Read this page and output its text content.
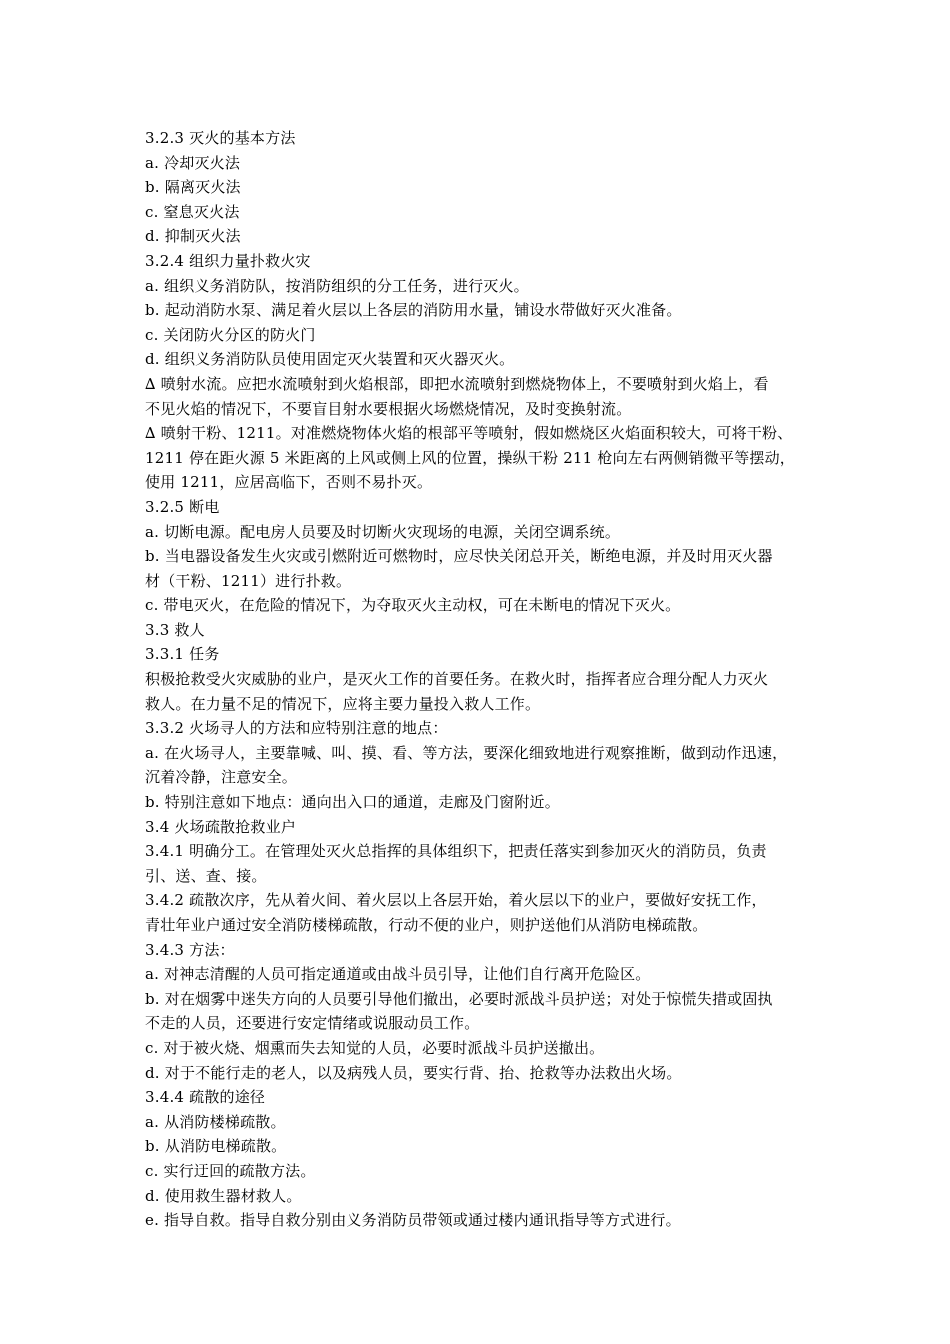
3.2.3 灭火的基本方法

a. 冷却灭火法

b. 隔离灭火法

c. 窒息灭火法

d. 抑制灭火法

3.2.4 组织力量扑救火灾

a. 组织义务消防队，按消防组织的分工任务，进行灭火。

b. 起动消防水泵、满足着火层以上各层的消防用水量，铺设水带做好灭火准备。

c. 关闭防火分区的防火门

d. 组织义务消防队员使用固定灭火装置和灭火器灭火。

∆ 喷射水流。应把水流喷射到火焰根部，即把水流喷射到燃烧物体上，不要喷射到火焰上，看

不见火焰的情况下，不要盲目射水要根据火场燃烧情况，及时变换射流。

∆ 喷射干粉、1211。对准燃烧物体火焰的根部平等喷射，假如燃烧区火焰面积较大，可将干粉、

1211 停在距火源 5 米距离的上风或侧上风的位置，操纵干粉 211 枪向左右两侧销微平等摆动，

使用 1211，应居高临下，否则不易扑灭。

3.2.5 断电

a. 切断电源。配电房人员要及时切断火灾现场的电源，关闭空调系统。

b. 当电器设备发生火灾或引燃附近可燃物时，应尽快关闭总开关，断绝电源，并及时用灭火器

材（干粉、1211）进行扑救。

c. 带电灭火，在危险的情况下，为夺取灭火主动权，可在未断电的情况下灭火。

3.3 救人

3.3.1 任务

积极抢救受火灾威胁的业户，是灭火工作的首要任务。在救火时，指挥者应合理分配人力灭火

救人。在力量不足的情况下，应将主要力量投入救人工作。

3.3.2 火场寻人的方法和应特别注意的地点：

a. 在火场寻人，主要靠喊、叫、摸、看、等方法，要深化细致地进行观察推断，做到动作迅速，

沉着冷静，注意安全。

b. 特别注意如下地点：通向出入口的通道，走廊及门窗附近。

3.4 火场疏散抢救业户

3.4.1 明确分工。在管理处灭火总指挥的具体组织下，把责任落实到参加灭火的消防员，负责

引、送、查、接。

3.4.2 疏散次序，先从着火间、着火层以上各层开始，着火层以下的业户，要做好安抚工作，

青壮年业户通过安全消防楼梯疏散，行动不便的业户，则护送他们从消防电梯疏散。

3.4.3 方法：

a. 对神志清醒的人员可指定通道或由战斗员引导，让他们自行离开危险区。

b. 对在烟雾中迷失方向的人员要引导他们撤出，必要时派战斗员护送；对处于惊慌失措或固执

不走的人员，还要进行安定情绪或说服动员工作。

c. 对于被火烧、烟熏而失去知觉的人员，必要时派战斗员护送撤出。

d. 对于不能行走的老人，以及病残人员，要实行背、抬、抢救等办法救出火场。

3.4.4 疏散的途径

a. 从消防楼梯疏散。

b. 从消防电梯疏散。

c. 实行迂回的疏散方法。

d. 使用救生器材救人。

e. 指导自救。指导自救分别由义务消防员带领或通过楼内通讯指导等方式进行。
